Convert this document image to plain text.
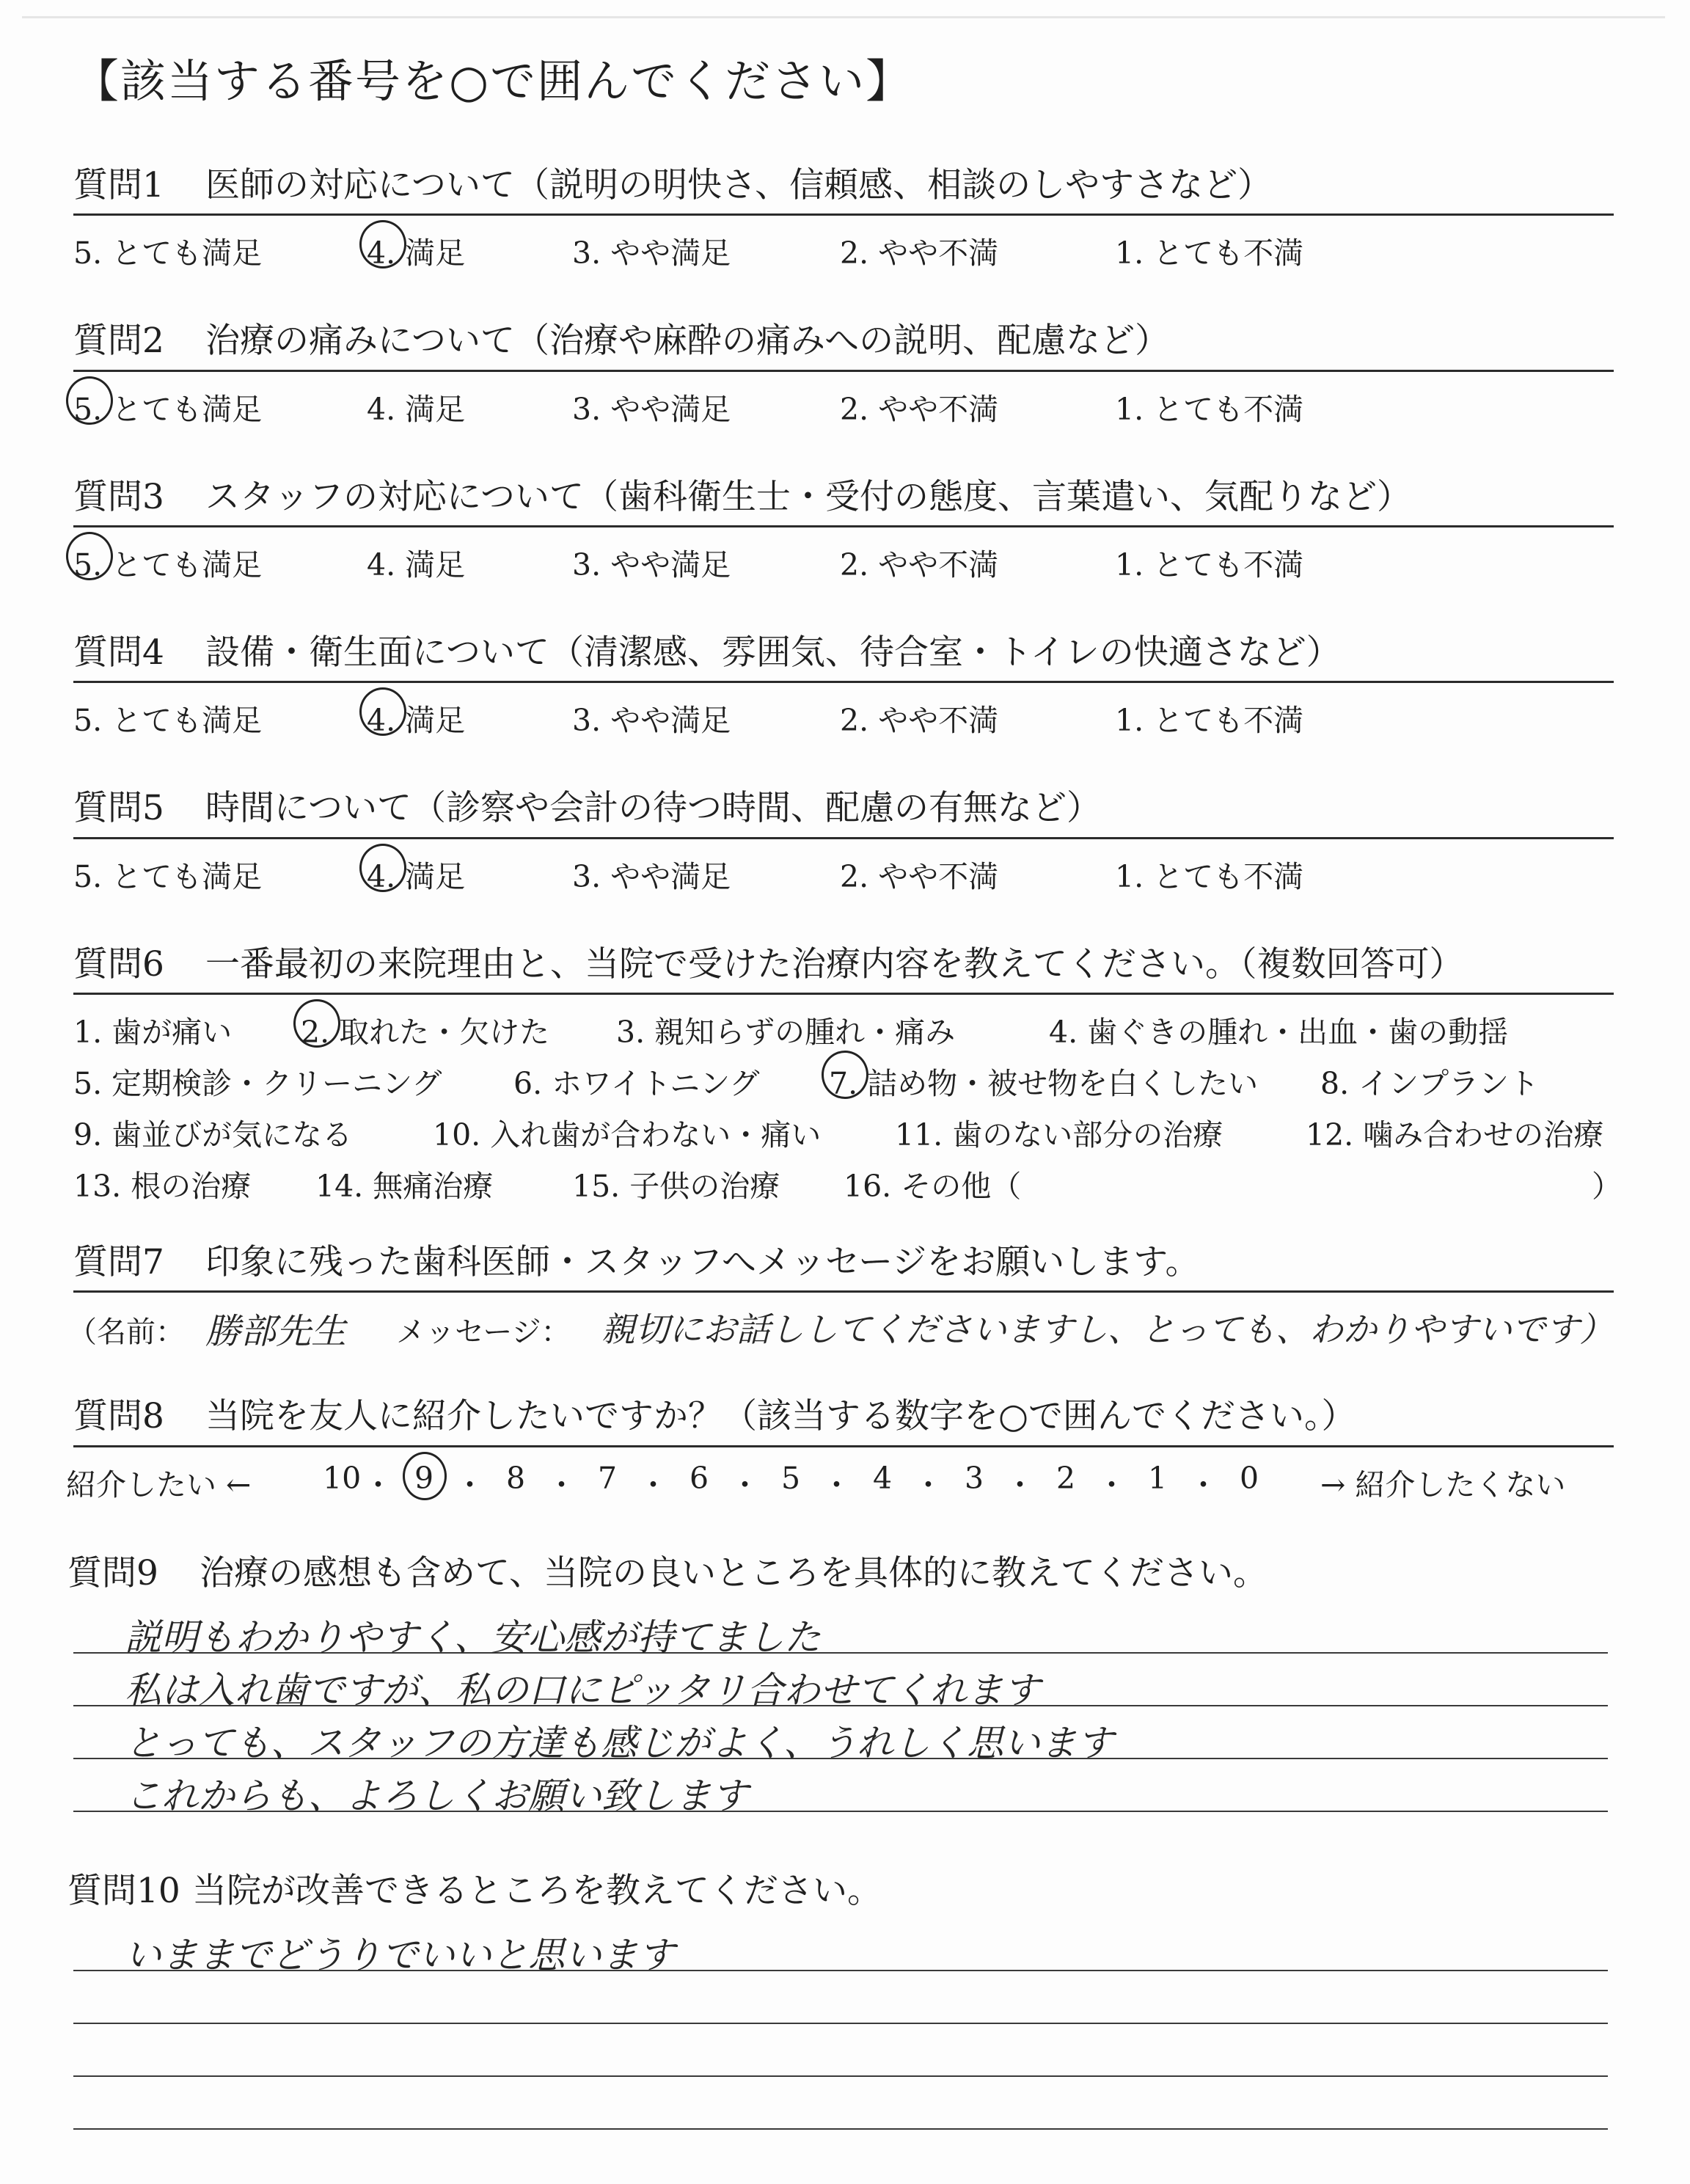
【該当する番号を○で囲んでください】
質問1 医師の対応について（説明の明快さ、信頼感、相談のしやすさなど）
5. とても満足	4. 満足	3. やや満足	2. やや不満	1. とても不満
質問2 治療の痛みについて（治療や麻酔の痛みへの説明、配慮など）
5. とても満足	4. 満足	3. やや満足	2. やや不満	1. とても不満
質問3 スタッフの対応について（歯科衛生士・受付の態度、言葉遣い、気配りなど）
5. とても満足	4. 満足	3. やや満足	2. やや不満	1. とても不満
質問4 設備・衛生面について（清潔感、雰囲気、待合室・トイレの快適さなど）
5. とても満足	4. 満足	3. やや満足	2. やや不満	1. とても不満
質問5 時間について（診察や会計の待つ時間、配慮の有無など）
5. とても満足	4. 満足	3. やや満足	2. やや不満	1. とても不満
質問6 一番最初の来院理由と、当院で受けた治療内容を教えてください。（複数回答可）
1. 歯が痛い 2. 取れた・欠けた 3. 親知らずの腫れ・痛み	4. 歯ぐきの腫れ・出血・歯の動揺
5. 定期検診・クリーニング 6. ホワイトニング 7. 詰め物・被せ物を白くしたい 8. インプラント
9. 歯並びが気になる	10. 入れ歯が合わない・痛い 11. 歯のない部分の治療	12. 噛み合わせの治療
13. 根の治療 14. 無痛治療	15. 子供の治療 16. その他（	）
質問7 印象に残った歯科医師・スタッフへメッセージをお願いします。
（名前： 勝部先生 メッセージ： 親切にお話ししてくださいますし、とっても、わかりやすいです）
質問8 当院を友人に紹介したいですか？（該当する数字を○で囲んでください。）
紹介したい ←	→ 紹介したくない
10 ・ 9 ・ 8 ・ 7 ・ 6 ・ 5 ・ 4 ・ 3 ・ 2 ・ 1 ・ 0
質問9 治療の感想も含めて、当院の良いところを具体的に教えてください。
説明もわかりやすく、安心感が持てました
私は入れ歯ですが、私の口にピッタリ合わせてくれます
とっても、スタッフの方達も感じがよく、うれしく思います
これからも、よろしくお願い致します
質問10 当院が改善できるところを教えてください。
いままでどうりでいいと思います
